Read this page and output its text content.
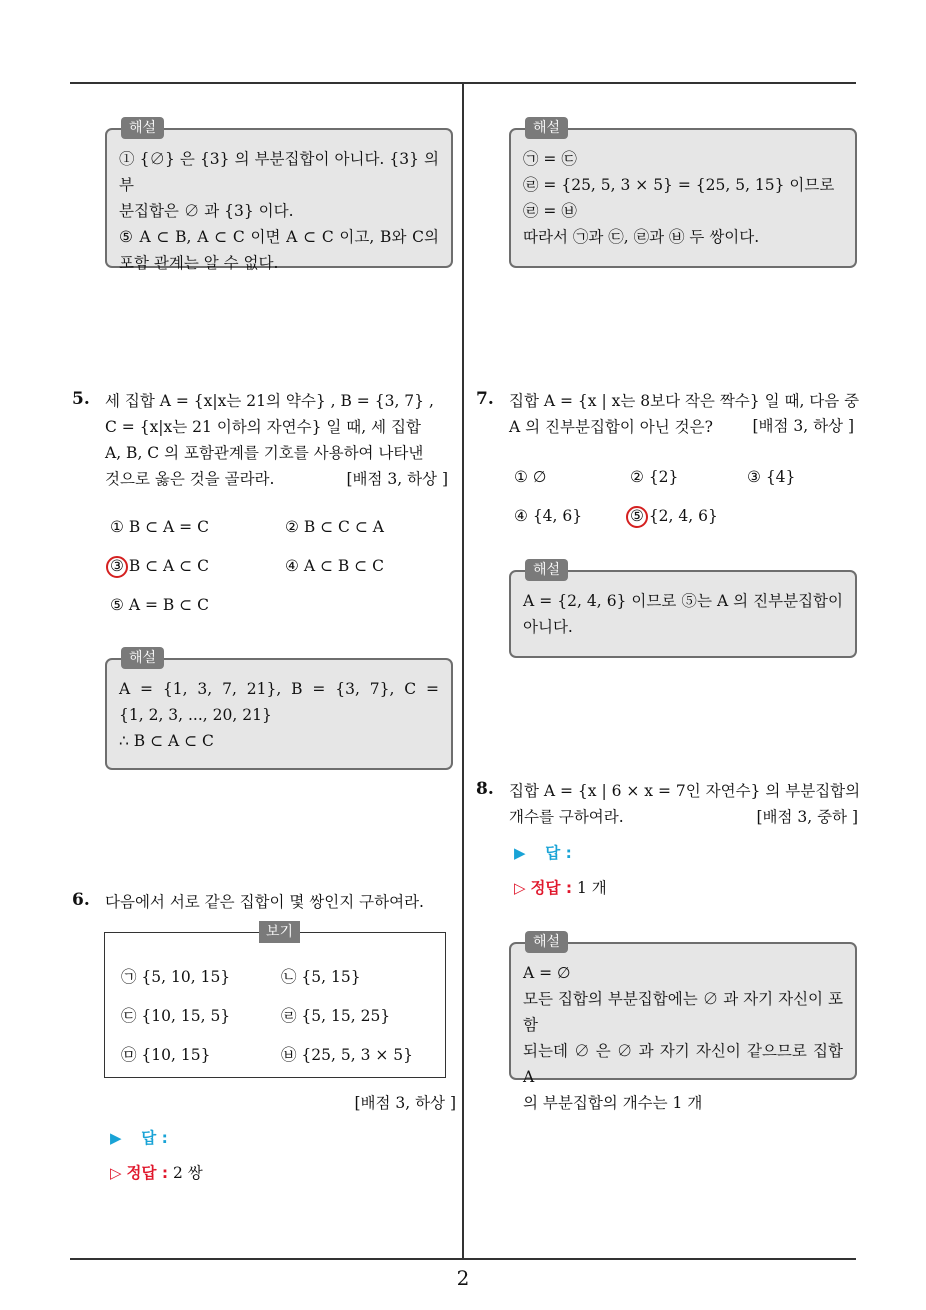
2
해설
① {∅} 은 {3} 의 부분집합이 아니다. {3} 의 부
분집합은 ∅ 과 {3} 이다.
⑤ A ⊂ B, A ⊂ C 이면 A ⊂ C 이고, B와 C의
포함 관계는 알 수 없다.
5. 세 집합 A = {x|x는 21의 약수} , B = {3, 7} ,
C = {x|x는 21 이하의 자연수} 일 때, 세 집합
A, B, C 의 포함관계를 기호를 사용하여 나타낸
것으로 옳은 것을 골라라.	[배점 3, 하상 ]
① B ⊂ A = C	② B ⊂ C ⊂ A
③ B ⊂ A ⊂ C	④ A ⊂ B ⊂ C
⑤ A = B ⊂ C
해설
A = {1, 3, 7, 21}, B = {3, 7}, C =
{1, 2, 3, ..., 20, 21}
∴ B ⊂ A ⊂ C
6. 다음에서 서로 같은 집합이 몇 쌍인지 구하여라.
보기
㉠ {5, 10, 15}	㉡ {5, 15}
㉢ {10, 15, 5}	㉣ {5, 15, 25}
㉤ {10, 15}	㉥ {25, 5, 3 × 5}
[배점 3, 하상 ]
▶ 답 :
▷ 정답 : 2 쌍
해설
㉠ = ㉢
㉣ = {25, 5, 3 × 5} = {25, 5, 15} 이므로
㉣ = ㉥
따라서 ㉠과 ㉢, ㉣과 ㉥ 두 쌍이다.
7. 집합 A = {x | x는 8보다 작은 짝수} 일 때, 다음 중
A 의 진부분집합이 아닌 것은?	[배점 3, 하상 ]
① ∅	② {2}	③ {4}
④ {4, 6}	⑤ {2, 4, 6}
해설
A = {2, 4, 6} 이므로 ⑤는 A 의 진부분집합이
아니다.
8. 집합 A = {x | 6 × x = 7인 자연수} 의 부분집합의
개수를 구하여라.	[배점 3, 중하 ]
▶ 답 :
▷ 정답 : 1 개
해설
A = ∅
모든 집합의 부분집합에는 ∅ 과 자기 자신이 포함
되는데 ∅ 은 ∅ 과 자기 자신이 같으므로 집합 A
의 부분집합의 개수는 1 개
